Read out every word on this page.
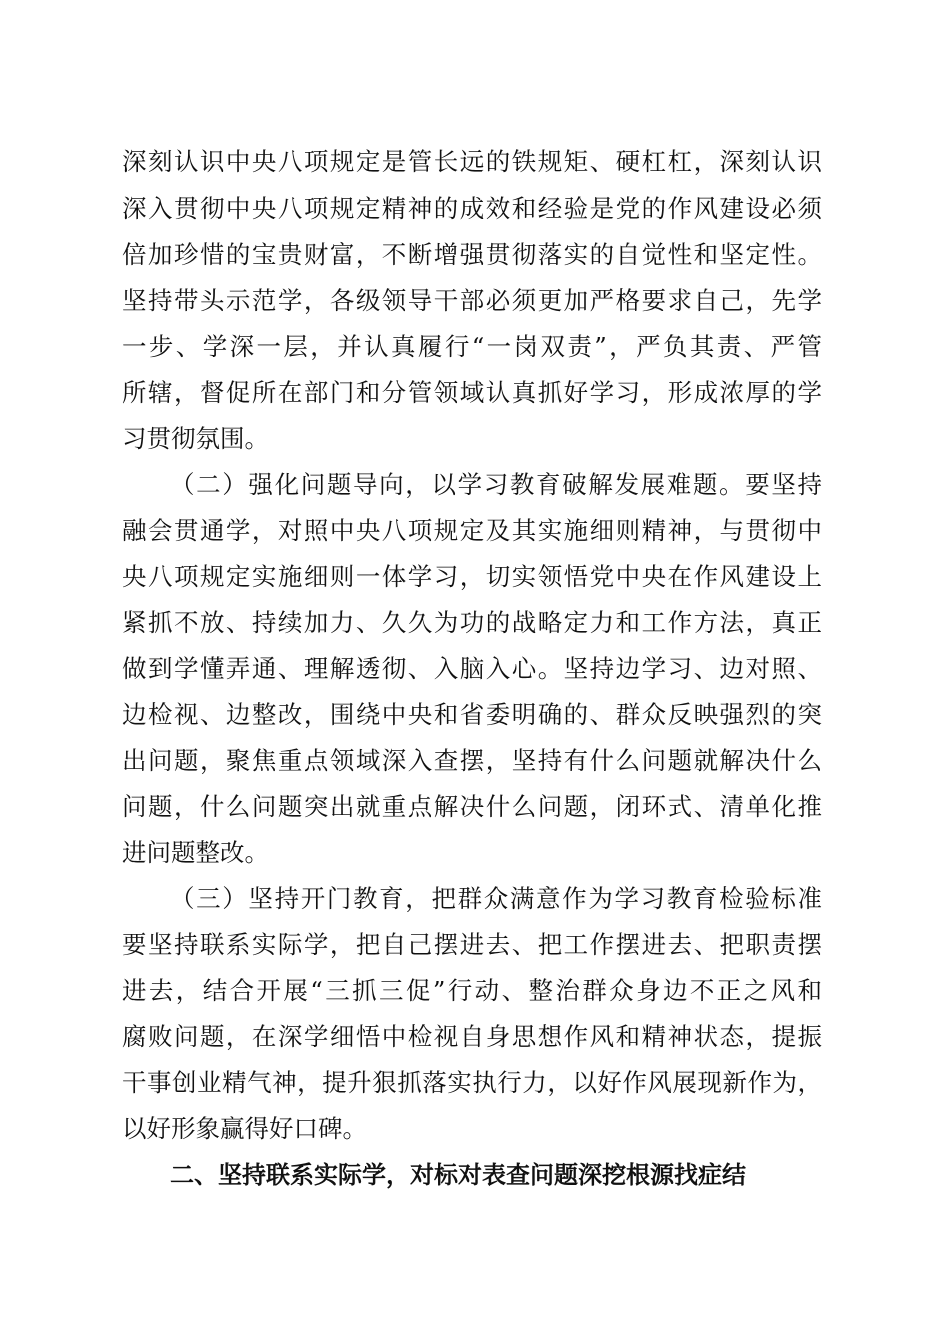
深刻认识中央八项规定是管长远的铁规矩、硬杠杠，深刻认识
深入贯彻中央八项规定精神的成效和经验是党的作风建设必须
倍加珍惜的宝贵财富，不断增强贯彻落实的自觉性和坚定性。
坚持带头示范学，各级领导干部必须更加严格要求自己，先学
一步、学深一层，并认真履行“一岗双责”，严负其责、严管
所辖，督促所在部门和分管领域认真抓好学习，形成浓厚的学
习贯彻氛围。
（二）强化问题导向，以学习教育破解发展难题。要坚持
融会贯通学，对照中央八项规定及其实施细则精神，与贯彻中
央八项规定实施细则一体学习，切实领悟党中央在作风建设上
紧抓不放、持续加力、久久为功的战略定力和工作方法，真正
做到学懂弄通、理解透彻、入脑入心。坚持边学习、边对照、
边检视、边整改，围绕中央和省委明确的、群众反映强烈的突
出问题，聚焦重点领域深入查摆，坚持有什么问题就解决什么
问题，什么问题突出就重点解决什么问题，闭环式、清单化推
进问题整改。
（三）坚持开门教育，把群众满意作为学习教育检验标准
要坚持联系实际学，把自己摆进去、把工作摆进去、把职责摆
进去，结合开展“三抓三促”行动、整治群众身边不正之风和
腐败问题，在深学细悟中检视自身思想作风和精神状态，提振
干事创业精气神，提升狠抓落实执行力，以好作风展现新作为，
以好形象赢得好口碑。
二、坚持联系实际学，对标对表查问题深挖根源找症结
